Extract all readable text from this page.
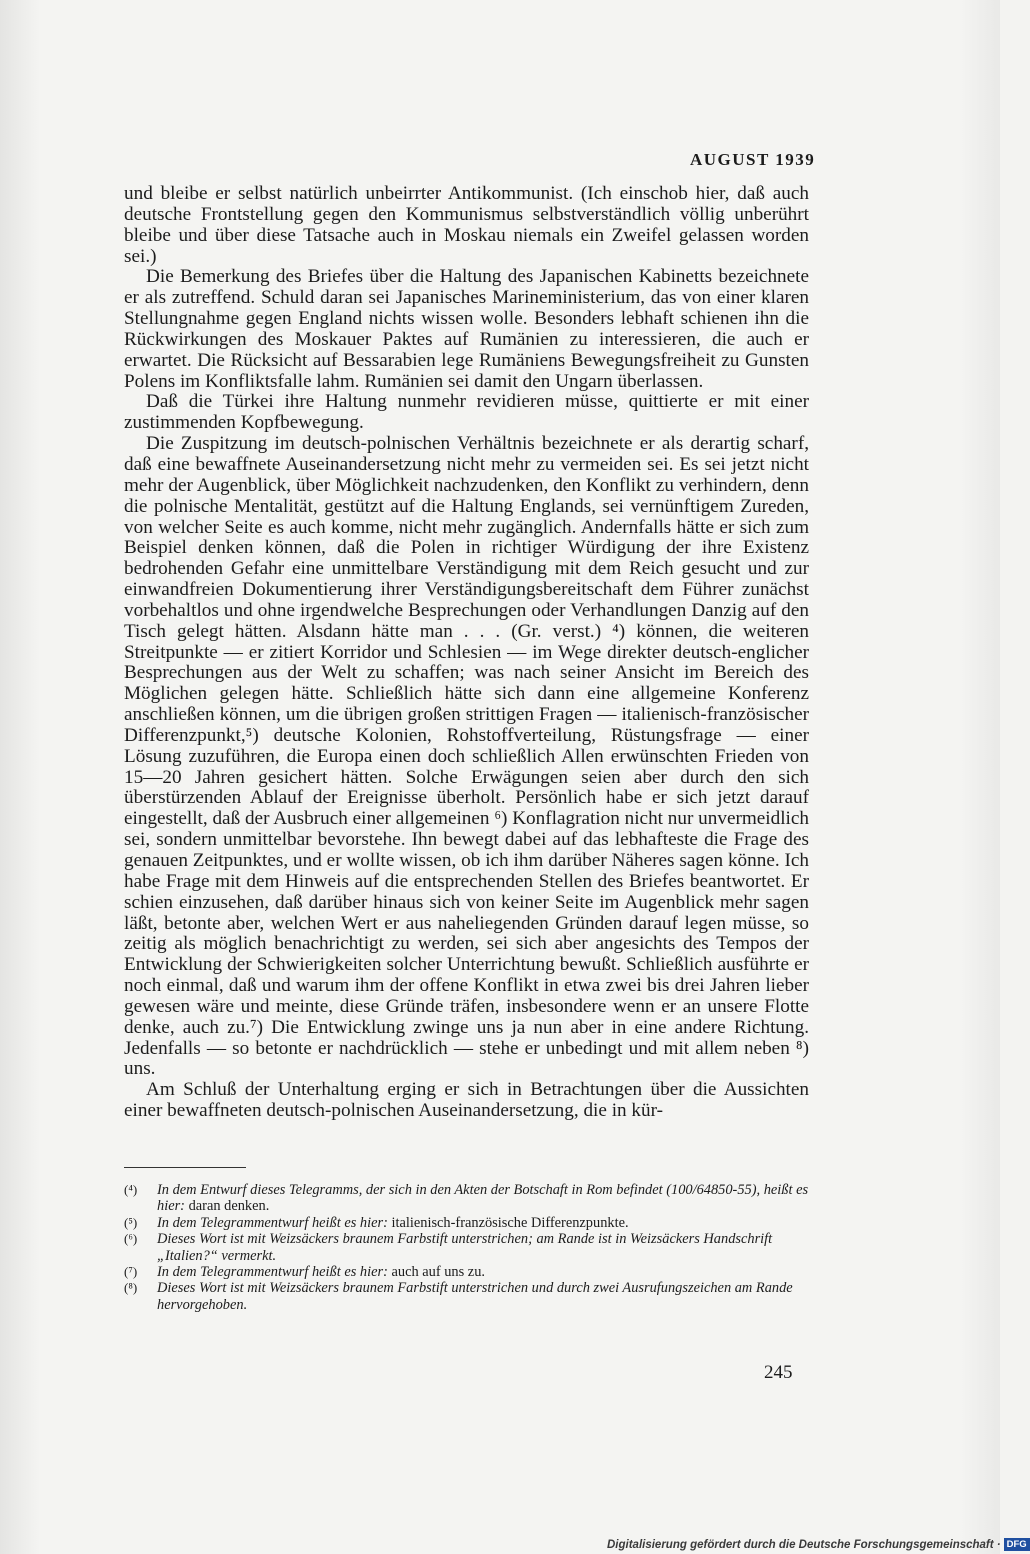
AUGUST 1939

und bleibe er selbst natürlich unbeirrter Antikommunist. (Ich einschob hier, daß auch deutsche Frontstellung gegen den Kommunismus selbstverständlich völlig unberührt bleibe und über diese Tatsache auch in Moskau niemals ein Zweifel gelassen worden sei.)

Die Bemerkung des Briefes über die Haltung des Japanischen Kabinetts bezeichnete er als zutreffend. Schuld daran sei Japanisches Marineministerium, das von einer klaren Stellungnahme gegen England nichts wissen wolle. Besonders lebhaft schienen ihn die Rückwirkungen des Moskauer Paktes auf Rumänien zu interessieren, die auch er erwartet. Die Rücksicht auf Bessarabien lege Rumäniens Bewegungsfreiheit zu Gunsten Polens im Konfliktsfalle lahm. Rumänien sei damit den Ungarn überlassen.

Daß die Türkei ihre Haltung nunmehr revidieren müsse, quittierte er mit einer zustimmenden Kopfbewegung.

Die Zuspitzung im deutsch-polnischen Verhältnis bezeichnete er als derartig scharf, daß eine bewaffnete Auseinandersetzung nicht mehr zu vermeiden sei. Es sei jetzt nicht mehr der Augenblick, über Möglichkeit nachzudenken, den Konflikt zu verhindern, denn die polnische Mentalität, gestützt auf die Haltung Englands, sei vernünftigem Zureden, von welcher Seite es auch komme, nicht mehr zugänglich. Andernfalls hätte er sich zum Beispiel denken können, daß die Polen in richtiger Würdigung der ihre Existenz bedrohenden Gefahr eine unmittelbare Verständigung mit dem Reich gesucht und zur einwandfreien Dokumentierung ihrer Verständigungsbereitschaft dem Führer zunächst vorbehaltlos und ohne irgendwelche Besprechungen oder Verhandlungen Danzig auf den Tisch gelegt hätten. Alsdann hätte man . . . (Gr. verst.) ⁴) können, die weiteren Streitpunkte — er zitiert Korridor und Schlesien — im Wege direkter deutsch-englicher Besprechungen aus der Welt zu schaffen; was nach seiner Ansicht im Bereich des Möglichen gelegen hätte. Schließlich hätte sich dann eine allgemeine Konferenz anschließen können, um die übrigen großen strittigen Fragen — italienisch-französischer Differenzpunkt,⁵) deutsche Kolonien, Rohstoffverteilung, Rüstungsfrage — einer Lösung zuzuführen, die Europa einen doch schließlich Allen erwünschten Frieden von 15—20 Jahren gesichert hätten. Solche Erwägungen seien aber durch den sich überstürzenden Ablauf der Ereignisse überholt. Persönlich habe er sich jetzt darauf eingestellt, daß der Ausbruch einer allgemeinen ⁶) Konflagration nicht nur unvermeidlich sei, sondern unmittelbar bevorstehe. Ihn bewegt dabei auf das lebhafteste die Frage des genauen Zeitpunktes, und er wollte wissen, ob ich ihm darüber Näheres sagen könne. Ich habe Frage mit dem Hinweis auf die entsprechenden Stellen des Briefes beantwortet. Er schien einzusehen, daß darüber hinaus sich von keiner Seite im Augenblick mehr sagen läßt, betonte aber, welchen Wert er aus naheliegenden Gründen darauf legen müsse, so zeitig als möglich benachrichtigt zu werden, sei sich aber angesichts des Tempos der Entwicklung der Schwierigkeiten solcher Unterrichtung bewußt. Schließlich ausführte er noch einmal, daß und warum ihm der offene Konflikt in etwa zwei bis drei Jahren lieber gewesen wäre und meinte, diese Gründe träfen, insbesondere wenn er an unsere Flotte denke, auch zu.⁷) Die Entwicklung zwinge uns ja nun aber in eine andere Richtung. Jedenfalls — so betonte er nachdrücklich — stehe er unbedingt und mit allem neben ⁸) uns.

Am Schluß der Unterhaltung erging er sich in Betrachtungen über die Aussichten einer bewaffneten deutsch-polnischen Auseinandersetzung, die in kür-

(⁴)	In dem Entwurf dieses Telegramms, der sich in den Akten der Botschaft in Rom befindet (100/64850-55), heißt es hier: daran denken.
(⁵)	In dem Telegrammentwurf heißt es hier: italienisch-französische Differenzpunkte.
(⁶)	Dieses Wort ist mit Weizsäckers braunem Farbstift unterstrichen; am Rande ist in Weizsäckers Handschrift „Italien?“ vermerkt.
(⁷)	In dem Telegrammentwurf heißt es hier: auch auf uns zu.
(⁸)	Dieses Wort ist mit Weizsäckers braunem Farbstift unterstrichen und durch zwei Ausrufungszeichen am Rande hervorgehoben.
245
Digitalisierung gefördert durch die Deutsche Forschungsgemeinschaft · DFG
